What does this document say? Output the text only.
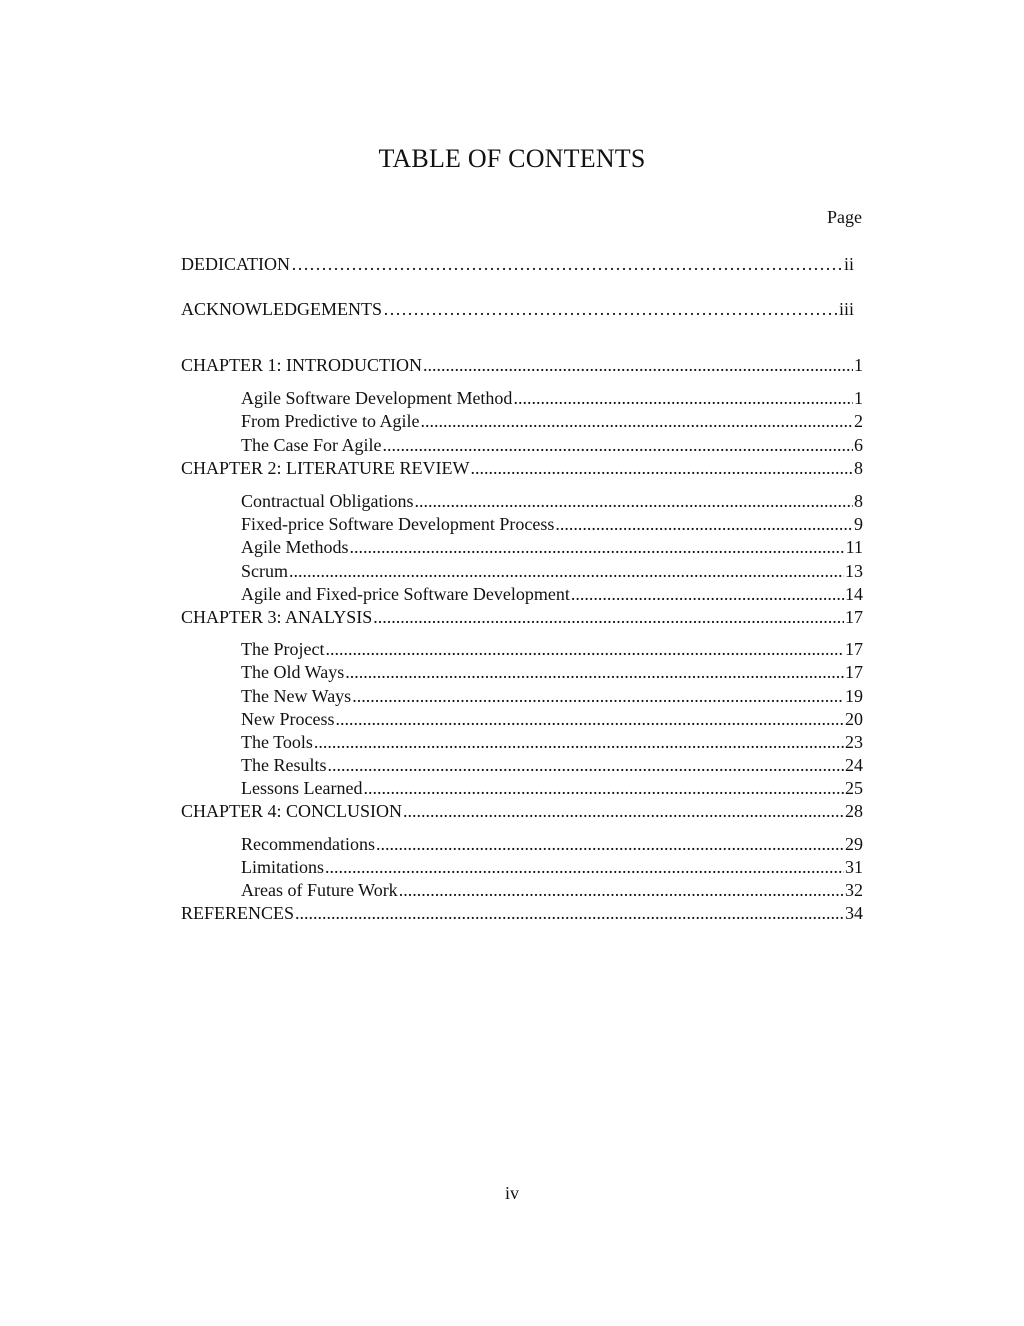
TABLE OF CONTENTS
Page
DEDICATION ………………………………………………………………………………………………………………………………………………………………	ii
ACKNOWLEDGEMENTS ………………………………………………………………………………………………………………………………………………………………	iii
CHAPTER 1: INTRODUCTION .....	1
Agile Software Development Method .....	1
From Predictive to Agile .....	2
The Case For Agile .....	6
CHAPTER 2: LITERATURE REVIEW .....	8
Contractual Obligations .....	8
Fixed-price Software Development Process .....	9
Agile Methods .....	11
Scrum .....	13
Agile and Fixed-price Software Development .....	14
CHAPTER 3: ANALYSIS .....	17
The Project .....	17
The Old Ways .....	17
The New Ways .....	19
New Process .....	20
The Tools .....	23
The Results .....	24
Lessons Learned .....	25
CHAPTER 4: CONCLUSION .....	28
Recommendations .....	29
Limitations .....	31
Areas of Future Work .....	32
REFERENCES .....	34
iv
